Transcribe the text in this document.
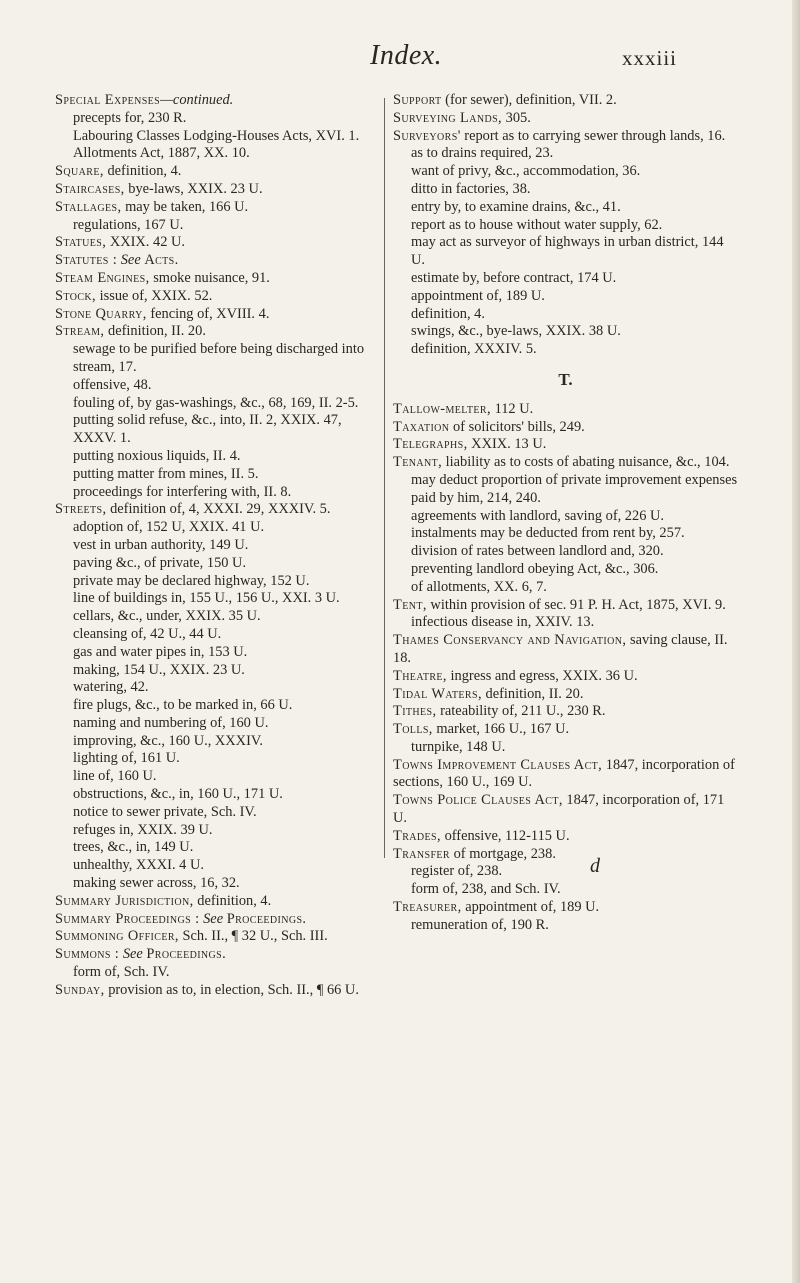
Index.	xxxiii
Special Expenses—continued.
precepts for, 230 R.
Labouring Classes Lodging-Houses Acts, XVI. 1.
Allotments Act, 1887, XX. 10.
Square, definition, 4.
Staircases, bye-laws, XXIX. 23 U.
Stallages, may be taken, 166 U.
regulations, 167 U.
Statues, XXIX. 42 U.
Statutes : See Acts.
Steam Engines, smoke nuisance, 91.
Stock, issue of, XXIX. 52.
Stone Quarry, fencing of, XVIII. 4.
Stream, definition, II. 20.
sewage to be purified before being discharged into stream, 17.
offensive, 48.
fouling of, by gas-washings, &c., 68, 169, II. 2-5.
putting solid refuse, &c., into, II. 2, XXIX. 47, XXXV. 1.
putting noxious liquids, II. 4.
putting matter from mines, II. 5.
proceedings for interfering with, II. 8.
Streets, definition of, 4, XXXI. 29, XXXIV. 5.
adoption of, 152 U, XXIX. 41 U.
vest in urban authority, 149 U.
paving &c., of private, 150 U.
private may be declared highway, 152 U.
line of buildings in, 155 U., 156 U., XXI. 3 U.
cellars, &c., under, XXIX. 35 U.
cleansing of, 42 U., 44 U.
gas and water pipes in, 153 U.
making, 154 U., XXIX. 23 U.
watering, 42.
fire plugs, &c., to be marked in, 66 U.
naming and numbering of, 160 U.
improving, &c., 160 U., XXXIV.
lighting of, 161 U.
line of, 160 U.
obstructions, &c., in, 160 U., 171 U.
notice to sewer private, Sch. IV.
refuges in, XXIX. 39 U.
trees, &c., in, 149 U.
unhealthy, XXXI. 4 U.
making sewer across, 16, 32.
Summary Jurisdiction, definition, 4.
Summary Proceedings : See Proceedings.
Summoning Officer, Sch. II., ¶ 32 U., Sch. III.
Summons : See Proceedings.
form of, Sch. IV.
Sunday, provision as to, in election, Sch. II., ¶ 66 U.
Support (for sewer), definition, VII. 2.
Surveying Lands, 305.
Surveyors' report as to carrying sewer through lands, 16.
as to drains required, 23.
want of privy, &c., accommodation, 36.
ditto in factories, 38.
entry by, to examine drains, &c., 41.
report as to house without water supply, 62.
may act as surveyor of highways in urban district, 144 U.
estimate by, before contract, 174 U.
appointment of, 189 U.
definition, 4.
swings, &c., bye-laws, XXIX. 38 U.
definition, XXXIV. 5.
T.
Tallow-melter, 112 U.
Taxation of solicitors' bills, 249.
Telegraphs, XXIX. 13 U.
Tenant, liability as to costs of abating nuisance, &c., 104.
may deduct proportion of private improvement expenses paid by him, 214, 240.
agreements with landlord, saving of, 226 U.
instalments may be deducted from rent by, 257.
division of rates between landlord and, 320.
preventing landlord obeying Act, &c., 306.
of allotments, XX. 6, 7.
Tent, within provision of sec. 91 P. H. Act, 1875, XVI. 9.
infectious disease in, XXIV. 13.
Thames Conservancy and Navigation, saving clause, II. 18.
Theatre, ingress and egress, XXIX. 36 U.
Tidal Waters, definition, II. 20.
Tithes, rateability of, 211 U., 230 R.
Tolls, market, 166 U., 167 U.
turnpike, 148 U.
Towns Improvement Clauses Act, 1847, incorporation of sections, 160 U., 169 U.
Towns Police Clauses Act, 1847, incorporation of, 171 U.
Trades, offensive, 112-115 U.
Transfer of mortgage, 238.
register of, 238.
form of, 238, and Sch. IV.
Treasurer, appointment of, 189 U.
remuneration of, 190 R.
d
